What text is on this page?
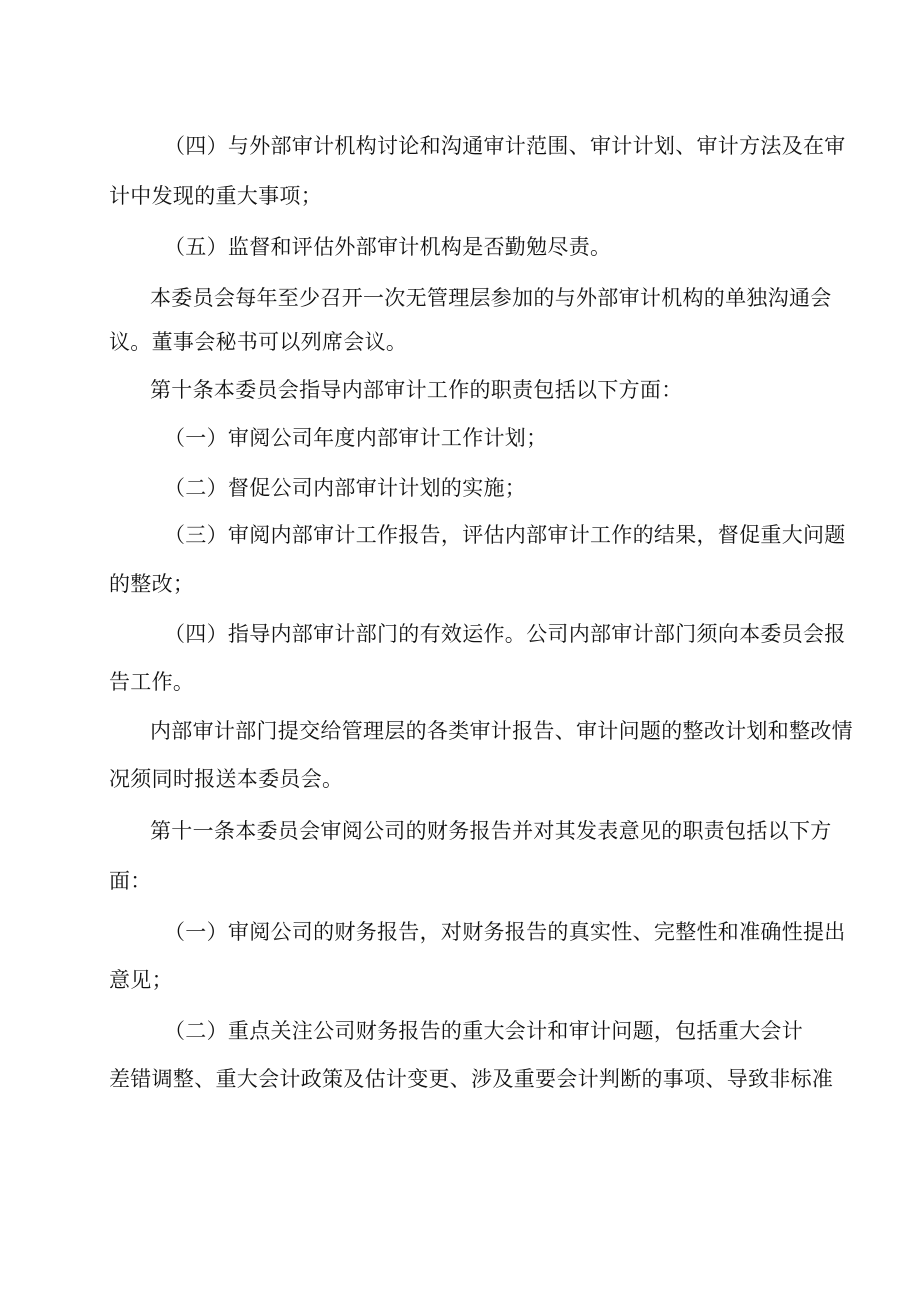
（四）与外部审计机构讨论和沟通审计范围、审计计划、审计方法及在审
计中发现的重大事项；
（五）监督和评估外部审计机构是否勤勉尽责。
本委员会每年至少召开一次无管理层参加的与外部审计机构的单独沟通会
议。董事会秘书可以列席会议。
第十条本委员会指导内部审计工作的职责包括以下方面：
（一）审阅公司年度内部审计工作计划；
（二）督促公司内部审计计划的实施；
（三）审阅内部审计工作报告，评估内部审计工作的结果，督促重大问题
的整改；
（四）指导内部审计部门的有效运作。公司内部审计部门须向本委员会报
告工作。
内部审计部门提交给管理层的各类审计报告、审计问题的整改计划和整改情
况须同时报送本委员会。
第十一条本委员会审阅公司的财务报告并对其发表意见的职责包括以下方
面：
（一）审阅公司的财务报告，对财务报告的真实性、完整性和准确性提出
意见；
（二）重点关注公司财务报告的重大会计和审计问题，包括重大会计
差错调整、重大会计政策及估计变更、涉及重要会计判断的事项、导致非标准
